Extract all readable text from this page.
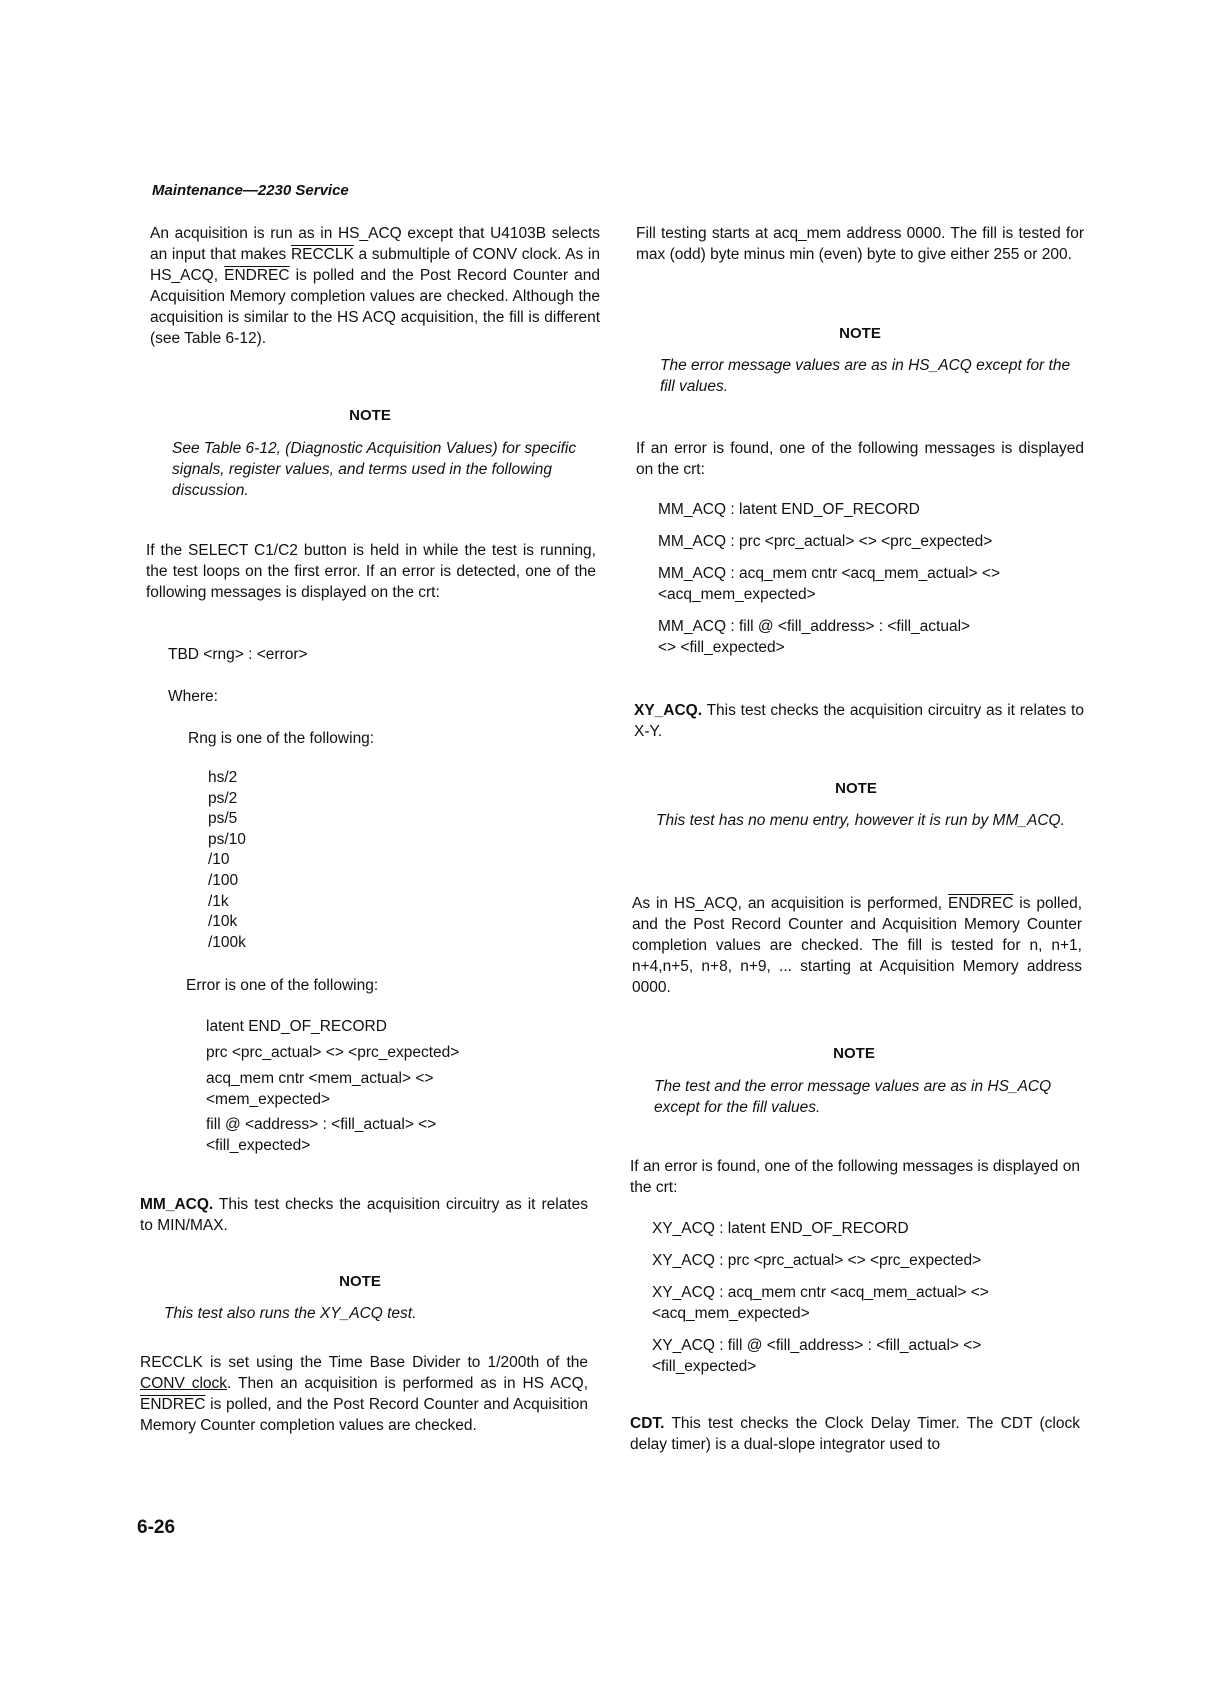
Maintenance—2230 Service
An acquisition is run as in HS_ACQ except that U4103B selects an input that makes RECCLK a submultiple of CONV clock. As in HS_ACQ, ENDREC is polled and the Post Record Counter and Acquisition Memory completion values are checked. Although the acquisition is similar to the HS ACQ acquisition, the fill is different (see Table 6-12).
NOTE
See Table 6-12, (Diagnostic Acquisition Values) for specific signals, register values, and terms used in the following discussion.
If the SELECT C1/C2 button is held in while the test is running, the test loops on the first error. If an error is detected, one of the following messages is displayed on the crt:
TBD <rng> : <error>
Where:
Rng is one of the following:
hs/2
ps/2
ps/5
ps/10
/10
/100
/1k
/10k
/100k
Error is one of the following:
latent END_OF_RECORD
prc <prc_actual> <> <prc_expected>
acq_mem cntr <mem_actual> <>
<mem_expected>
fill @ <address> : <fill_actual> <>
<fill_expected>
MM_ACQ. This test checks the acquisition circuitry as it relates to MIN/MAX.
NOTE
This test also runs the XY_ACQ test.
RECCLK is set using the Time Base Divider to 1/200th of the CONV clock. Then an acquisition is performed as in HS ACQ, ENDREC is polled, and the Post Record Counter and Acquisition Memory Counter completion values are checked.
Fill testing starts at acq_mem address 0000. The fill is tested for max (odd) byte minus min (even) byte to give either 255 or 200.
NOTE
The error message values are as in HS_ACQ except for the fill values.
If an error is found, one of the following messages is displayed on the crt:
MM_ACQ : latent END_OF_RECORD
MM_ACQ : prc <prc_actual> <> <prc_expected>
MM_ACQ : acq_mem cntr <acq_mem_actual> <>
<acq_mem_expected>
MM_ACQ : fill @ <fill_address> : <fill_actual>
<> <fill_expected>
XY_ACQ. This test checks the acquisition circuitry as it relates to X-Y.
NOTE
This test has no menu entry, however it is run by MM_ACQ.
As in HS_ACQ, an acquisition is performed, ENDREC is polled, and the Post Record Counter and Acquisition Memory Counter completion values are checked. The fill is tested for n, n+1, n+4,n+5, n+8, n+9, ... starting at Acquisition Memory address 0000.
NOTE
The test and the error message values are as in HS_ACQ except for the fill values.
If an error is found, one of the following messages is displayed on the crt:
XY_ACQ : latent END_OF_RECORD
XY_ACQ : prc <prc_actual> <> <prc_expected>
XY_ACQ : acq_mem cntr <acq_mem_actual> <>
<acq_mem_expected>
XY_ACQ : fill @ <fill_address> : <fill_actual> <>
<fill_expected>
CDT. This test checks the Clock Delay Timer. The CDT (clock delay timer) is a dual-slope integrator used to
6-26
